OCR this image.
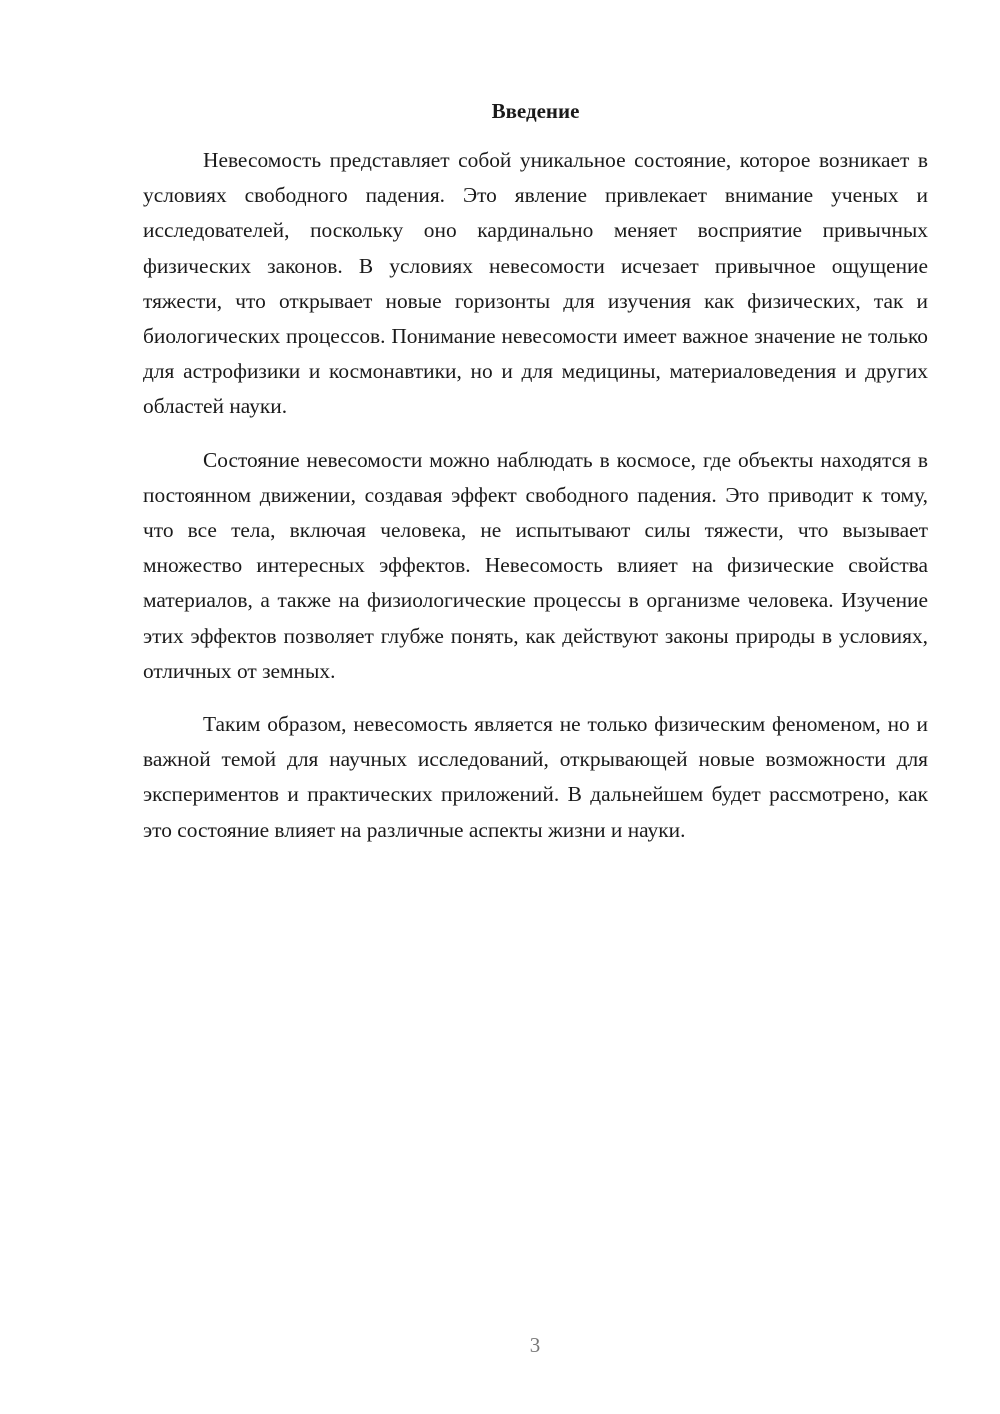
Введение

Невесомость представляет собой уникальное состояние, которое возникает в условиях свободного падения. Это явление привлекает внимание ученых и исследователей, поскольку оно кардинально меняет восприятие привычных физических законов. В условиях невесомости исчезает привычное ощущение тяжести, что открывает новые горизонты для изучения как физических, так и биологических процессов. Понимание невесомости имеет важное значение не только для астрофизики и космонавтики, но и для медицины, материаловедения и других областей науки.

Состояние невесомости можно наблюдать в космосе, где объекты находятся в постоянном движении, создавая эффект свободного падения. Это приводит к тому, что все тела, включая человека, не испытывают силы тяжести, что вызывает множество интересных эффектов. Невесомость влияет на физические свойства материалов, а также на физиологические процессы в организме человека. Изучение этих эффектов позволяет глубже понять, как действуют законы природы в условиях, отличных от земных.

Таким образом, невесомость является не только физическим феноменом, но и важной темой для научных исследований, открывающей новые возможности для экспериментов и практических приложений. В дальнейшем будет рассмотрено, как это состояние влияет на различные аспекты жизни и науки.

3
